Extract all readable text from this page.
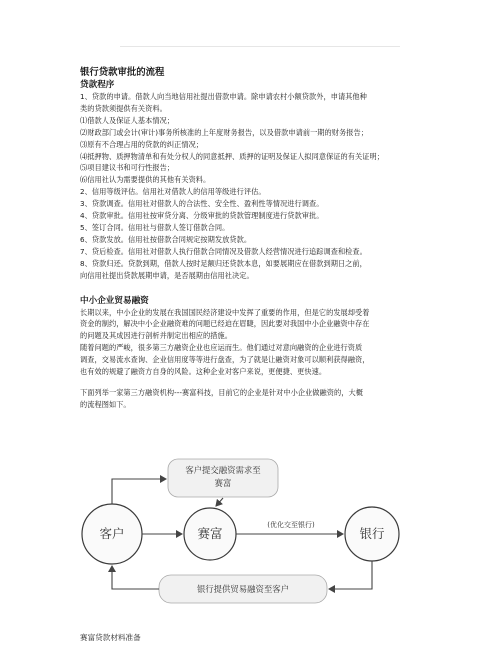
银行贷款审批的流程
贷款程序
1、贷款的申请。借款人向当地信用社提出借款申请。除申请农村小额贷款外，申请其他种
类的贷款须提供有关资料。
⑴借款人及保证人基本情况；
⑵财政部门或会计(审计)事务所核准的上年度财务报告，以及借款申请前一期的财务报告；
⑶原有不合理占用的贷款的纠正情况；
⑷抵押物、质押物清单和有处分权人的同意抵押、质押的证明及保证人拟同意保证的有关证明；
⑸项目建议书和可行性报告；
⑹信用社认为需要提供的其他有关资料。
2、信用等级评估。信用社对借款人的信用等级进行评估。
3、贷款调查。信用社对借款人的合法性、安全性、盈利性等情况进行调查。
4、贷款审批。信用社按审贷分离、分级审批的贷款管理制度进行贷款审批。
5、签订合同。信用社与借款人签订借款合同。
6、贷款发放。信用社按借款合同规定按期发放贷款。
7、贷后检查。信用社对借款人执行借款合同情况及借款人经营情况进行追踪调查和检查。
8、贷款归还。贷款到期，借款人按时足额归还贷款本息，如要展期应在借款到期日之前，
向信用社提出贷款展期申请，是否展期由信用社决定。
中小企业贸易融资
长期以来，中小企业的发展在我国国民经济建设中发挥了重要的作用，但是它的发展却受着
资金的制约，解决中小企业融资难的问题已经迫在眉睫，因此要对我国中小企业融资中存在
的问题及其成因进行剖析并制定出相应的措施。
随着问题的严峻，很多第三方融资企业也应运而生。他们通过对意向融资的企业进行资质
调查，交易流水查询、企业信用度等等进行盘查，为了就是让融资对象可以顺利获得融资，
也有效的规避了融资方自身的风险。这种企业对客户来说，更便捷、更快速。
下面列举一家第三方融资机构---赛富科技，目前它的企业是针对中小企业做融资的，大概
的流程图如下。
客户提交融资需求至
赛富
客户	赛富	银行
(优化交至银行)
银行提供贸易融资至客户
赛富贷款材料准备
